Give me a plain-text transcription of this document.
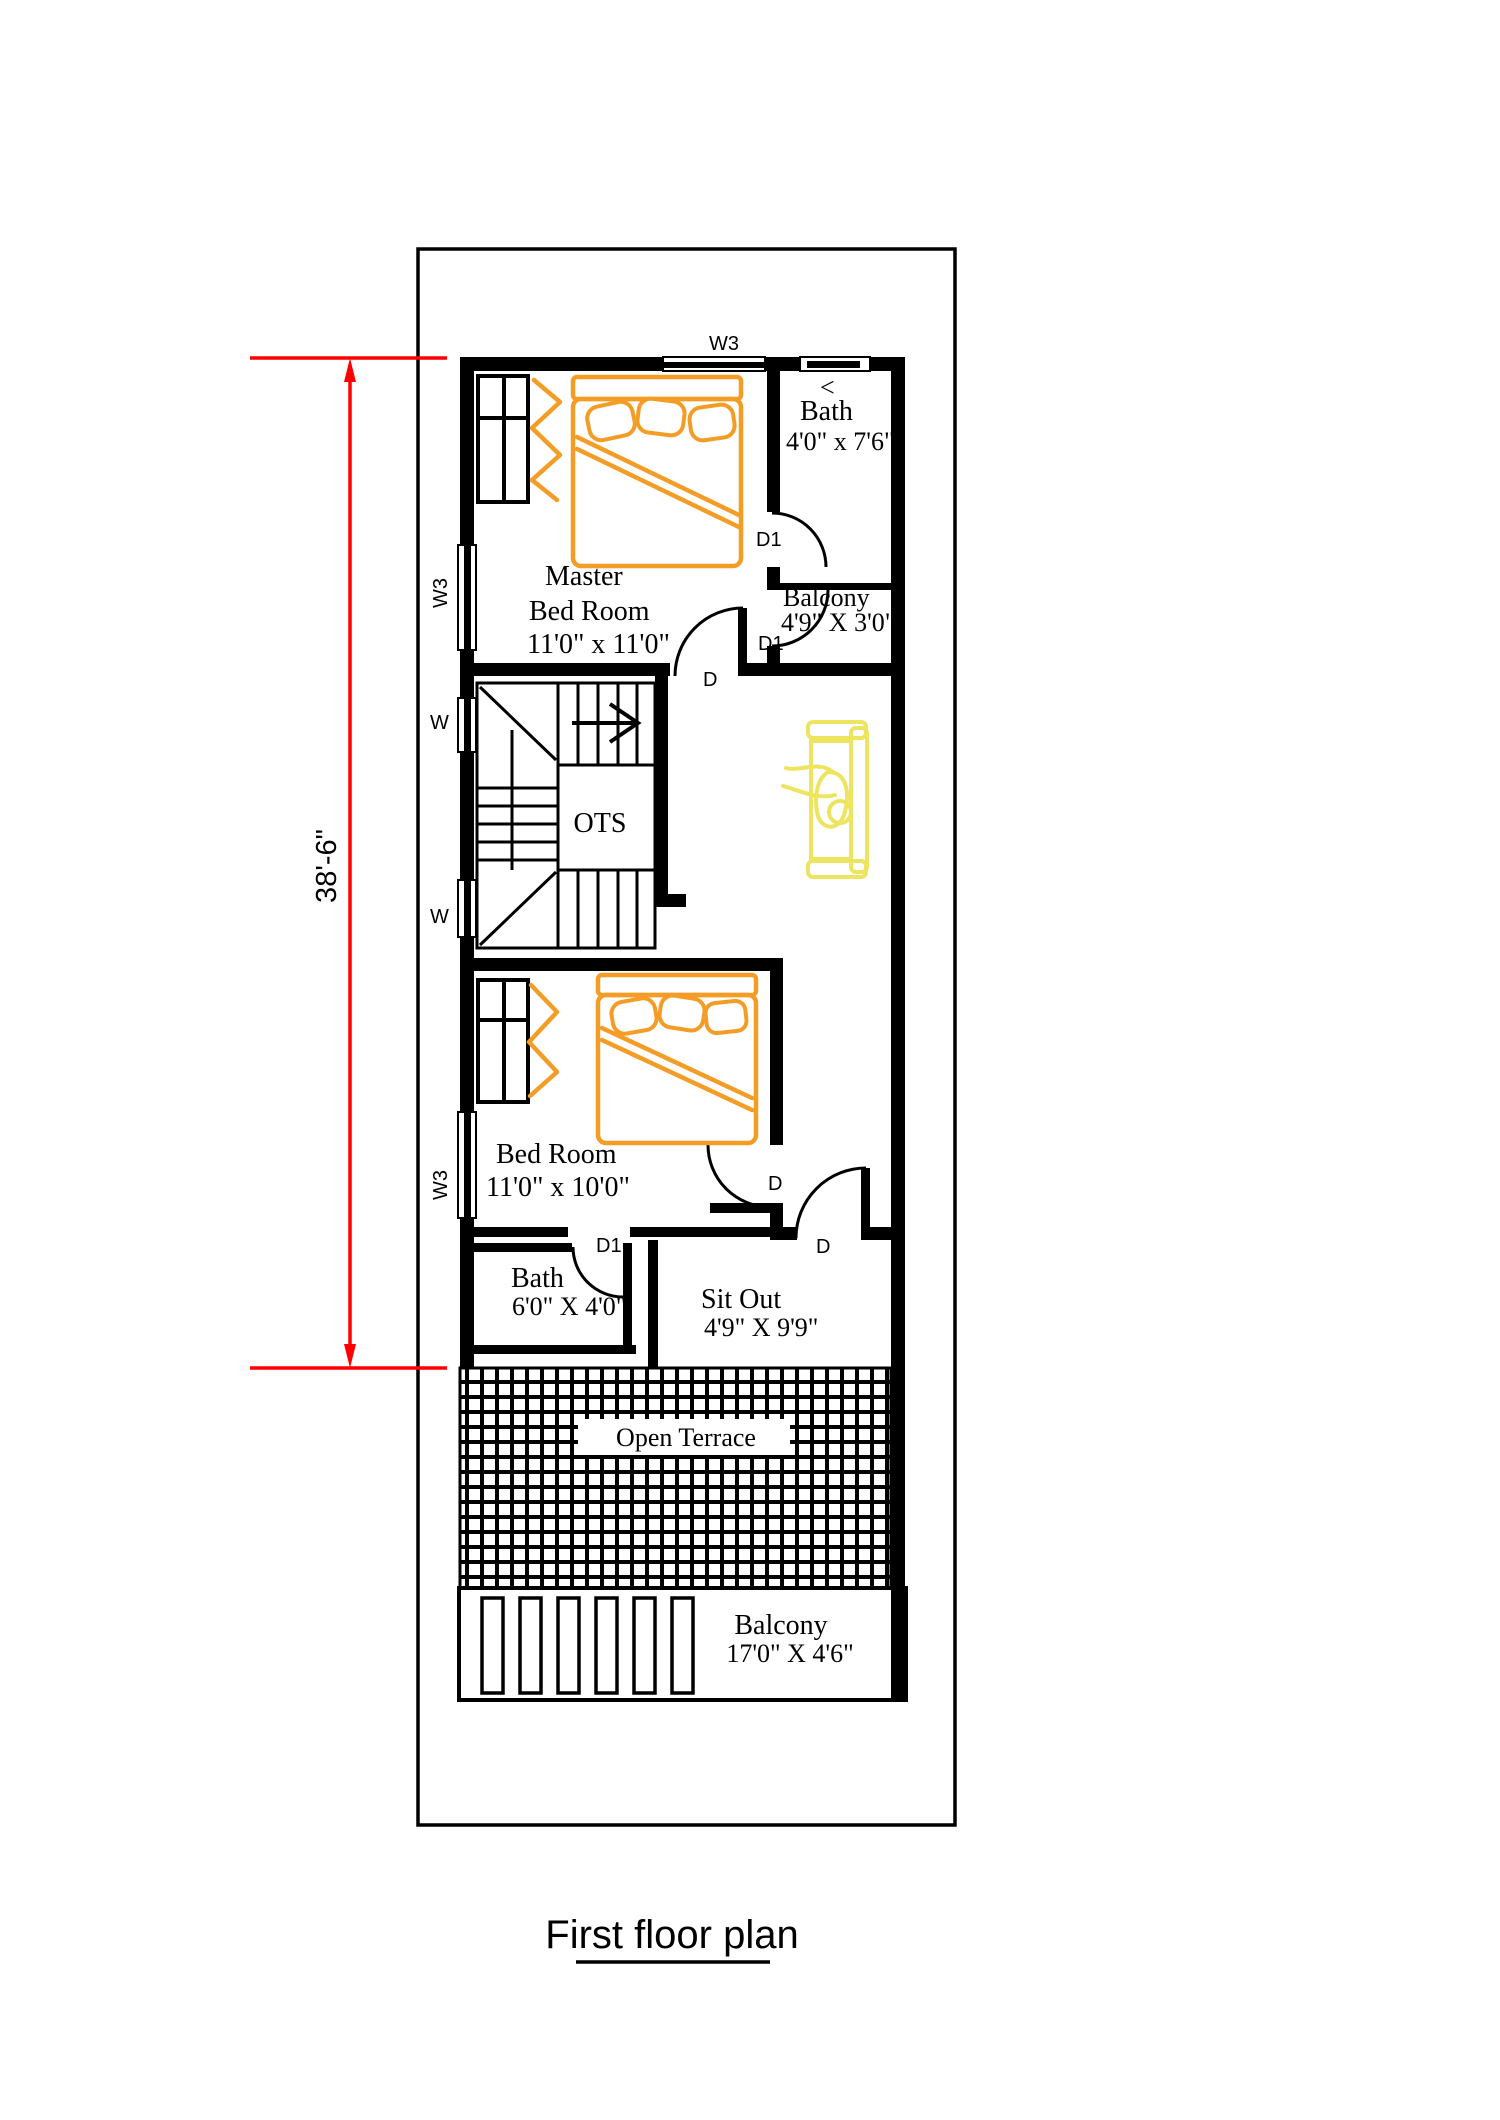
38'-6"
Open Terrace
Balcony
17'0" X 4'6"
Master
Bed Room
11'0" x 11'0"
Bath
4'0" x 7'6"
<
Balcony
4'9" X 3'0"
OTS
Bed Room
11'0" x 10'0"
Bath
6'0" X 4'0"	Sit Out
4'9" X 9'9"
W3
W3
W
W
W3
D1
D
D1
D1
D
D
First floor plan
